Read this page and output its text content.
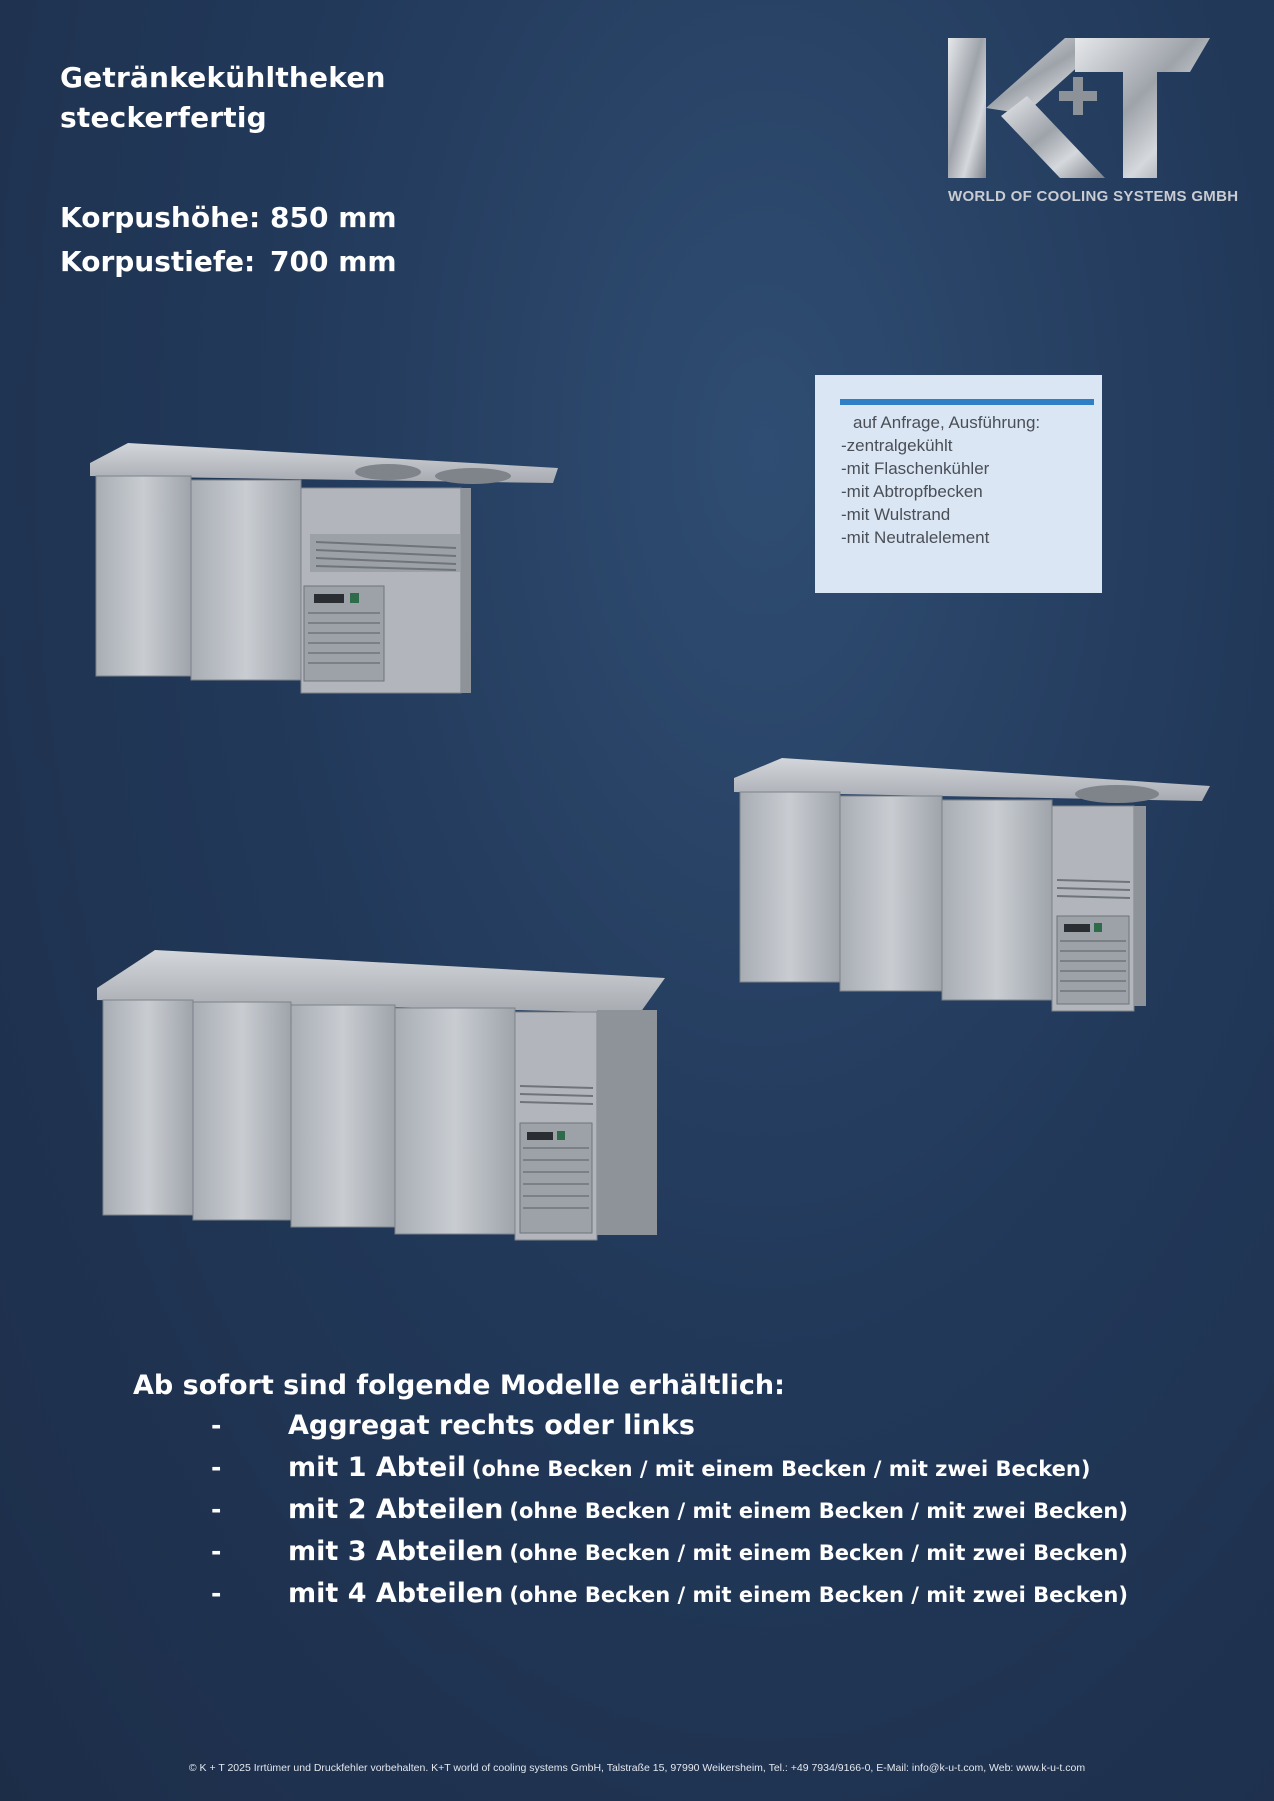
Getränkekühltheken
steckerfertig
Korpushöhe: 850 mm
Korpustiefe: 700 mm
WORLD OF COOLING SYSTEMS GMBH
auf Anfrage, Ausführung:
-zentralgekühlt
-mit Flaschenkühler
-mit Abtropfbecken
-mit Wulstrand
-mit Neutralelement
Ab sofort sind folgende Modelle erhältlich:
-	Aggregat rechts oder links
-	mit 1 Abteil (ohne Becken / mit einem Becken / mit zwei Becken)
-	mit 2 Abteilen (ohne Becken / mit einem Becken / mit zwei Becken)
-	mit 3 Abteilen (ohne Becken / mit einem Becken / mit zwei Becken)
-	mit 4 Abteilen (ohne Becken / mit einem Becken / mit zwei Becken)
© K + T 2025 Irrtümer und Druckfehler vorbehalten. K+T world of cooling systems GmbH, Talstraße 15, 97990 Weikersheim, Tel.: +49 7934/9166-0, E-Mail: info@k-u-t.com, Web: www.k-u-t.com
